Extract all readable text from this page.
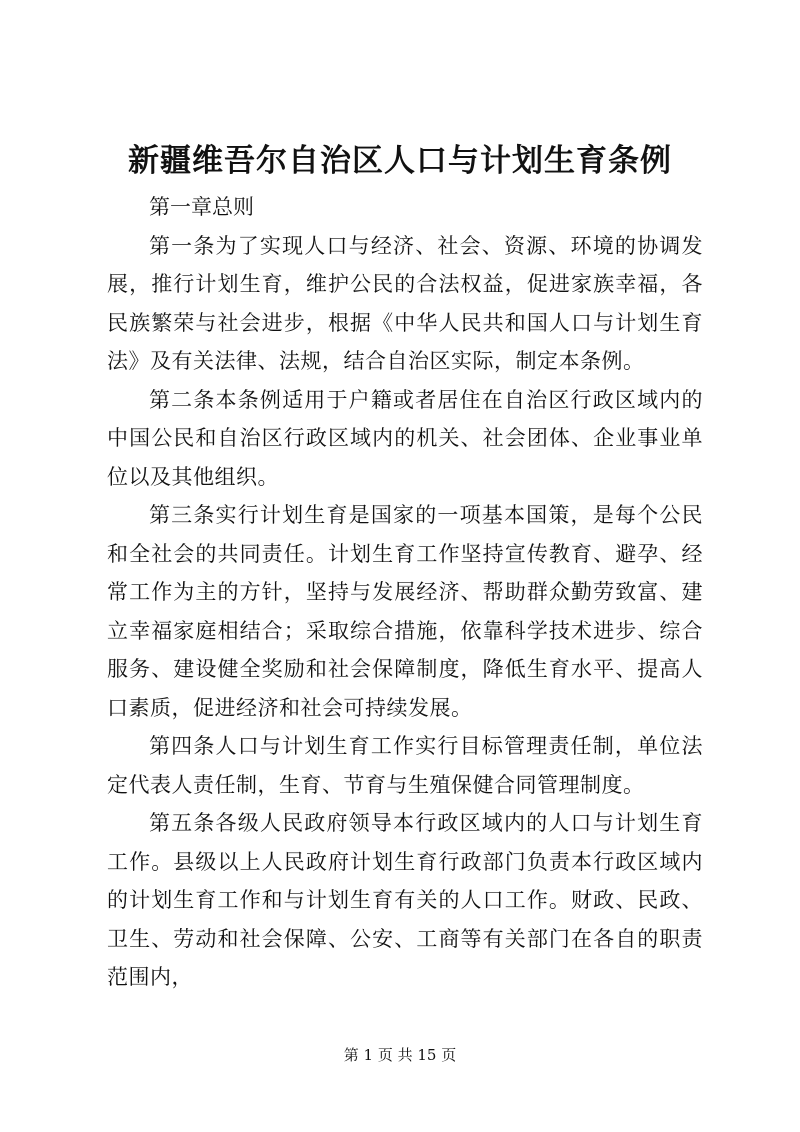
新疆维吾尔自治区人口与计划生育条例

第一章总则

第一条为了实现人口与经济、社会、资源、环境的协调发展，推行计划生育，维护公民的合法权益，促进家族幸福，各民族繁荣与社会进步，根据《中华人民共和国人口与计划生育法》及有关法律、法规，结合自治区实际，制定本条例。

第二条本条例适用于户籍或者居住在自治区行政区域内的中国公民和自治区行政区域内的机关、社会团体、企业事业单位以及其他组织。

第三条实行计划生育是国家的一项基本国策，是每个公民和全社会的共同责任。计划生育工作坚持宣传教育、避孕、经常工作为主的方针，坚持与发展经济、帮助群众勤劳致富、建立幸福家庭相结合；采取综合措施，依靠科学技术进步、综合服务、建设健全奖励和社会保障制度，降低生育水平、提高人口素质，促进经济和社会可持续发展。

第四条人口与计划生育工作实行目标管理责任制，单位法定代表人责任制，生育、节育与生殖保健合同管理制度。

第五条各级人民政府领导本行政区域内的人口与计划生育工作。县级以上人民政府计划生育行政部门负责本行政区域内的计划生育工作和与计划生育有关的人口工作。财政、民政、卫生、劳动和社会保障、公安、工商等有关部门在各自的职责范围内，

第 1 页 共 15 页
